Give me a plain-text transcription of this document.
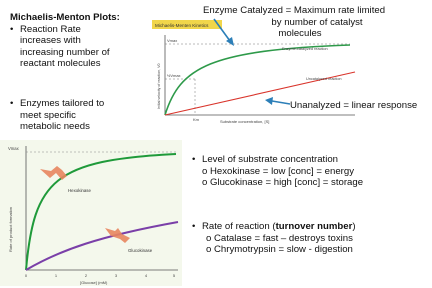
Michaelis-Menton Plots:
• Reaction Rate
increases with
increasing number of
reactant molecules
• Enzymes tailored to
meet specific
metabolic needs
Enzyme Catalyzed = Maximum rate limited
by number of catalyst
molecules
Michaelis-Menten Kinetics
Vmax
½Vmax
Km
Enzyme-catalyzed reaction
Uncatalyzed reaction
Substrate concentration, [S]
Initial velocity of reaction, V0	Unanalyzed = linear response
Vmax
Rate of product formation
Hexokinase
Glucokinase
0	1	2	3	4	5
[Glucose] (mM)
• Level of substrate concentration
o Hexokinase = low [conc] = energy
o Glucokinase = high [conc] = storage
• Rate of reaction (turnover number)
o Catalase = fast – destroys toxins
o Chrymotrypsin = slow - digestion
